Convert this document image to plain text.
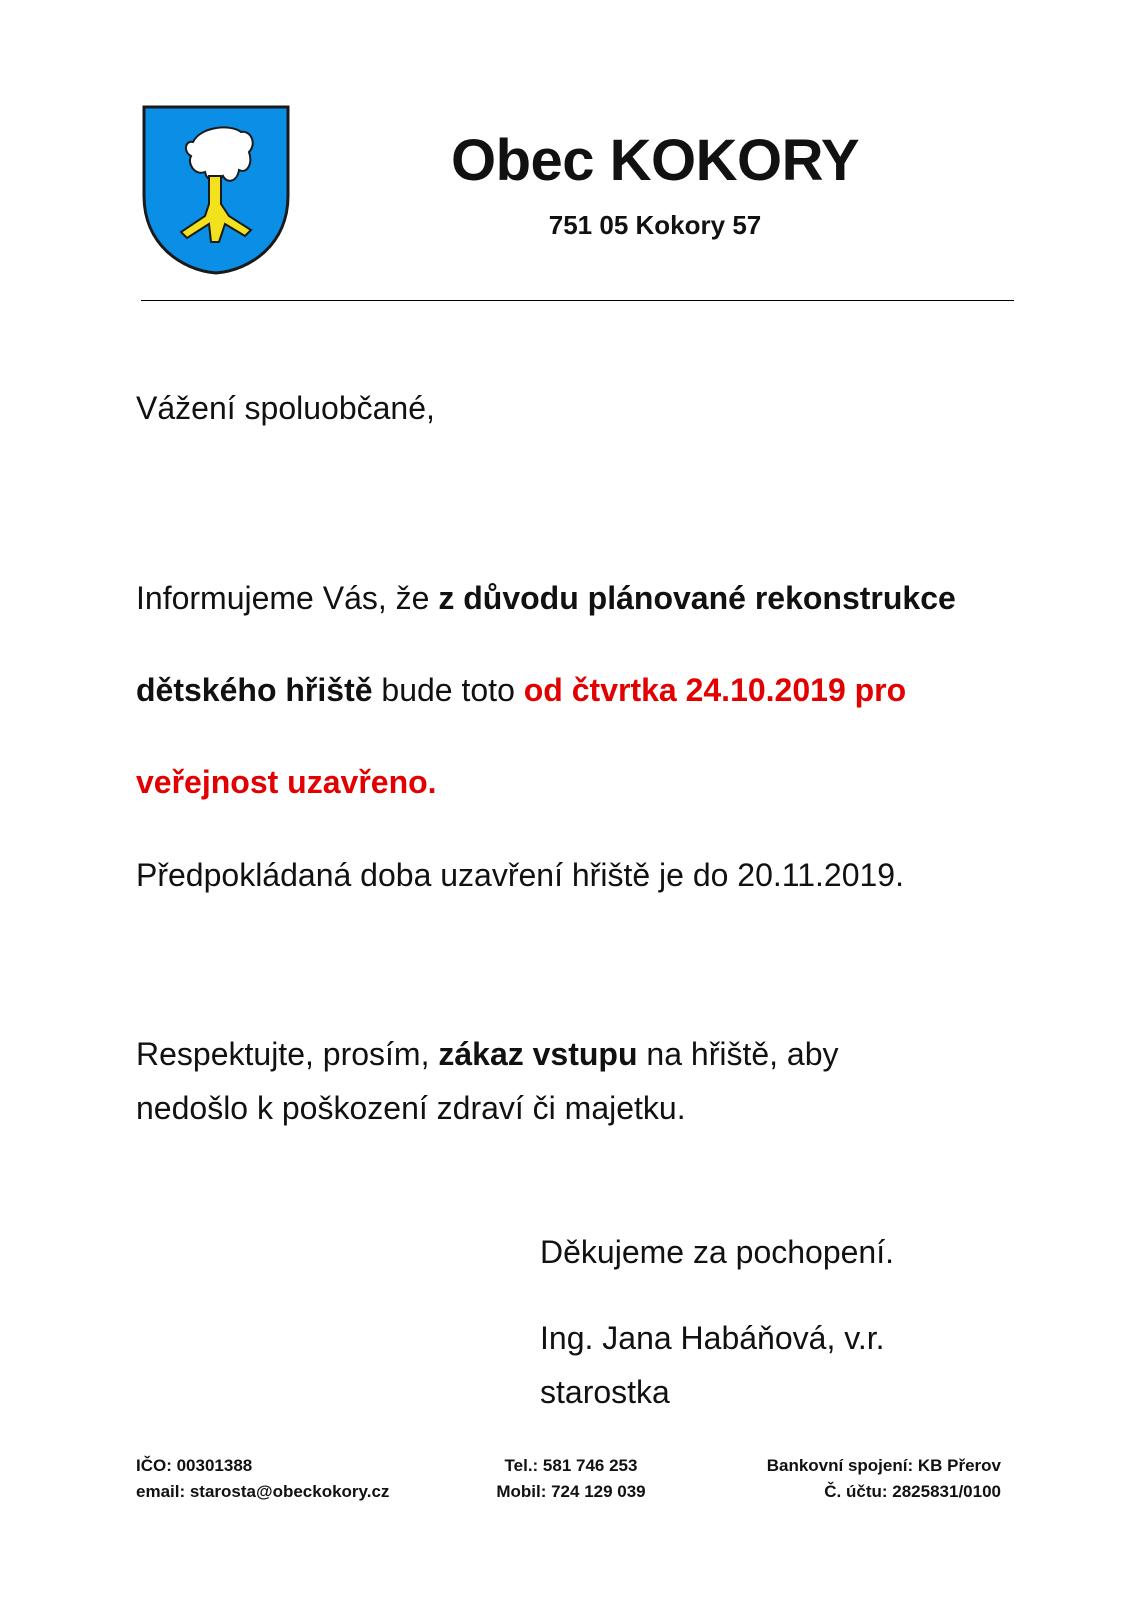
Obec KOKORY
751 05 Kokory 57
Vážení spoluobčané,
Informujeme Vás, že z důvodu plánované rekonstrukce
dětského hřiště bude toto od čtvrtka 24.10.2019 pro
veřejnost uzavřeno.
Předpokládaná doba uzavření hřiště je do 20.11.2019.
Respektujte, prosím, zákaz vstupu na hřiště, aby
nedošlo k poškození zdraví či majetku.
Děkujeme za pochopení.
Ing. Jana Habáňová, v.r.
starostka
IČO: 00301388
email: starosta@obeckokory.cz
Tel.: 581 746 253
Mobil: 724 129 039
Bankovní spojení: KB Přerov
Č. účtu: 2825831/0100
